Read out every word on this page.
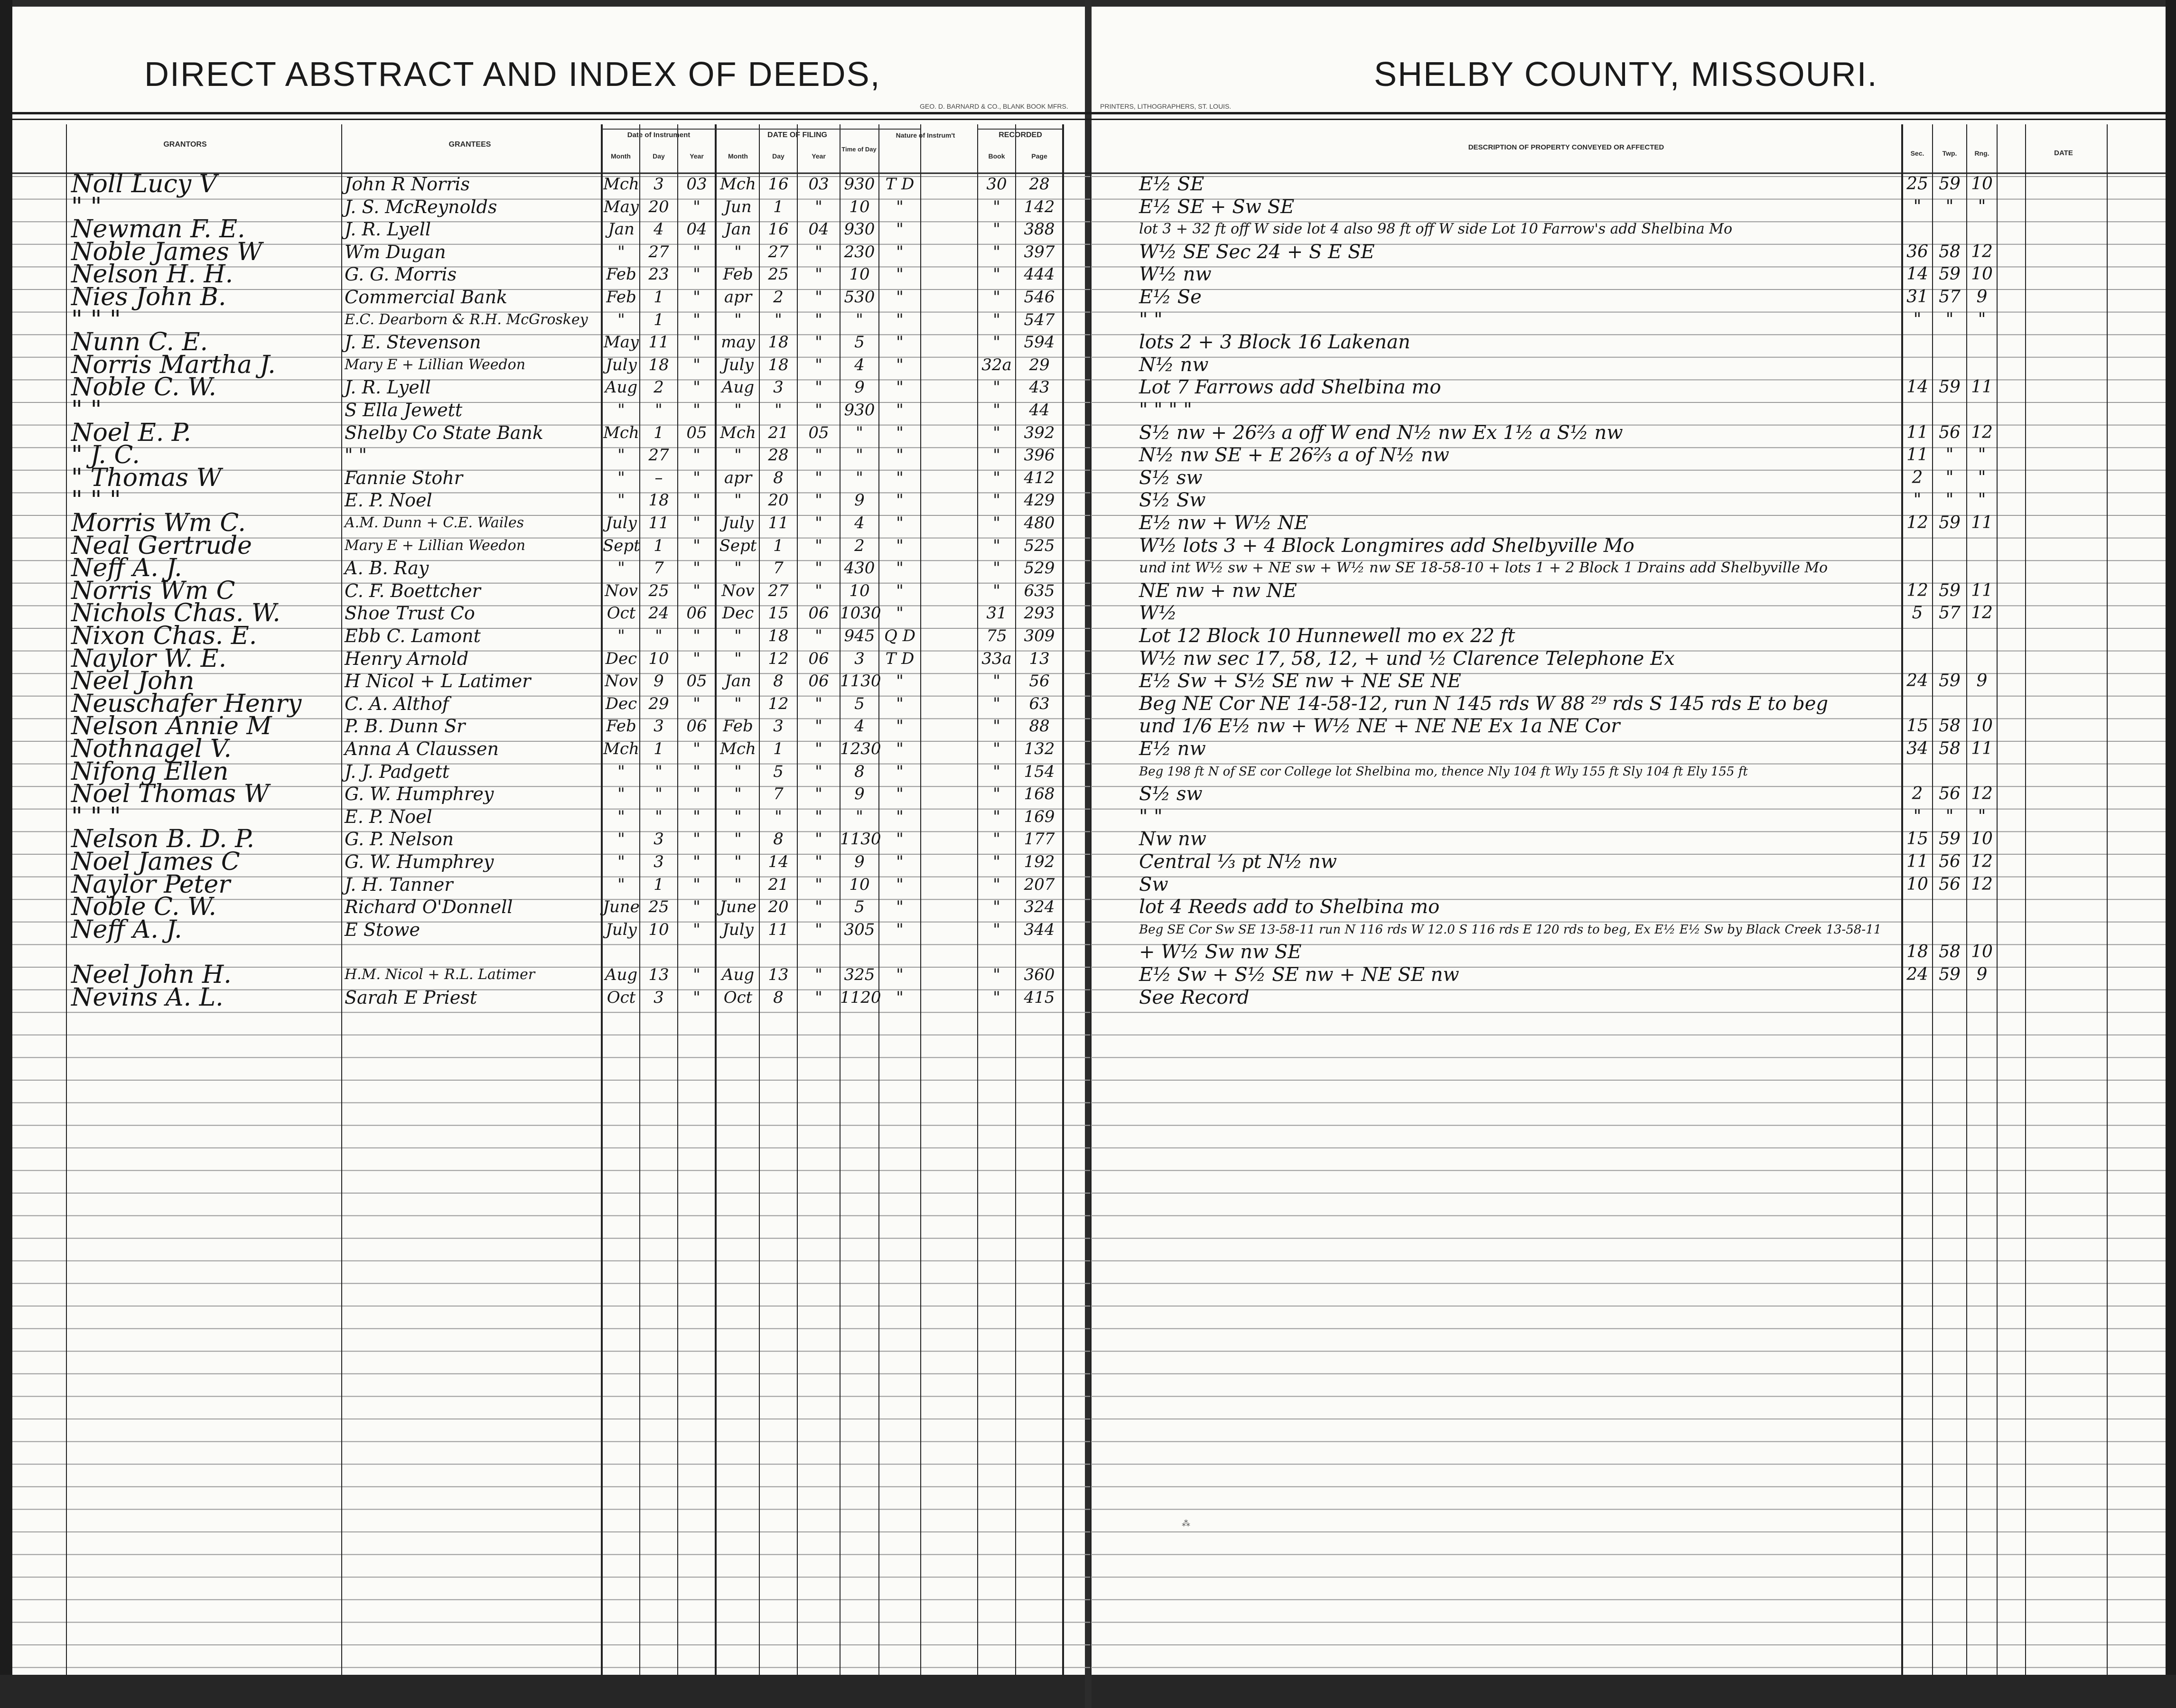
DIRECT ABSTRACT AND INDEX OF DEEDS,	SHELBY COUNTY, MISSOURI.
GEO. D. BARNARD & CO., BLANK BOOK MFRS.	PRINTERS, LITHOGRAPHERS, ST. LOUIS.
GRANTORS	GRANTEES
Date of Instrument	DATE OF FILING	Nature of Instrum't	RECORDED
Month	Day	Year	Month	Day	Year
Time of Day
Book	Page
DESCRIPTION OF PROPERTY CONVEYED OR AFFECTED
Sec.	Twp.	Rng.	DATE
Noll Lucy V	John R Norris	Mch 3	03 Mch 16	03 930 T D	30	28	E½ SE	25 59 10
" "	J. S. McReynolds	May 20	"	Jun	1	"	10	"	"	142	E½ SE + Sw SE	"	"	"
Newman F. E.	J. R. Lyell	Jan	4	04	Jan	16	04 930	"	"	388	lot 3 + 32 ft off W side lot 4 also 98 ft off W side Lot 10 Farrow's add Shelbina Mo
Noble James W	Wm Dugan	"	27	"	"	27	"	230	"	"	397	W½ SE Sec 24 + S E SE	36 58 12
Nelson H. H.	G. G. Morris	Feb 23	"	Feb 25	"	10	"	"	444	W½ nw	14 59 10
Nies John B.	Commercial Bank	Feb	1	"	apr	2	"	530	"	"	546	E½ Se	31 57 9
" " "	E.C. Dearborn & R.H. McGroskey	"	1	"	"	"	"	"	"	"	547	" "	"	"	"
Nunn C. E.	J. E. Stevenson	May 11	"	may 18	"	5	"	"	594	lots 2 + 3 Block 16 Lakenan
Norris Martha J.	Mary E + Lillian Weedon	July 18	"	July 18	"	4	"	32a	29	N½ nw
Noble C. W.	J. R. Lyell	Aug	2	"	Aug	3	"	9	"	"	43	Lot 7 Farrows add Shelbina mo	14 59 11
" "	S Ella Jewett	"	"	"	"	"	"	930	"	"	44	" " " "
Noel E. P.	Shelby Co State Bank	Mch 1	05 Mch 21	05	"	"	"	392	S½ nw + 26⅔ a off W end N½ nw Ex 1½ a S½ nw	11 56 12
" J. C.	" "	"	27	"	"	28	"	"	"	"	396	N½ nw SE + E 26⅔ a of N½ nw	11	"	"
" Thomas W	Fannie Stohr	"	–	"	apr	8	"	"	"	"	412	S½ sw	2	"	"
" " "	E. P. Noel	"	18	"	"	20	"	9	"	"	429	S½ Sw	"	"	"
Morris Wm C.	A.M. Dunn + C.E. Wailes	July 11	"	July 11	"	4	"	"	480	E½ nw + W½ NE	12 59 11
Neal Gertrude	Mary E + Lillian Weedon	Sept 1	"	Sept	1	"	2	"	"	525	W½ lots 3 + 4 Block Longmires add Shelbyville Mo
Neff A. J.	A. B. Ray	"	7	"	"	7	"	430	"	"	529	und int W½ sw + NE sw + W½ nw SE 18-58-10 + lots 1 + 2 Block 1 Drains add Shelbyville Mo
Norris Wm C	C. F. Boettcher	Nov 25	"	Nov 27	"	10	"	"	635	NE nw + nw NE	12 59 11
Nichols Chas. W.	Shoe Trust Co	Oct 24	06 Dec 15	06 1030 "	31	293	W½	5 57 12
Nixon Chas. E.	Ebb C. Lamont	"	"	"	"	18	"	945 Q D	75	309	Lot 12 Block 10 Hunnewell mo ex 22 ft
Naylor W. E.	Henry Arnold	Dec 10	"	"	12	06	3	T D	33a	13	W½ nw sec 17, 58, 12, + und ½ Clarence Telephone Ex
Neel John	H Nicol + L Latimer	Nov 9	05	Jan	8	06 1130 "	"	56	E½ Sw + S½ SE nw + NE SE NE	24 59 9
Neuschafer Henry	C. A. Althof	Dec 29	"	"	12	"	5	"	"	63	Beg NE Cor NE 14-58-12, run N 145 rds W 88 ²⁹ rds S 145 rds E to beg
Nelson Annie M	P. B. Dunn Sr	Feb	3	06 Feb	3	"	4	"	"	88	und 1/6 E½ nw + W½ NE + NE NE Ex 1a NE Cor	15 58 10
Nothnagel V.	Anna A Claussen	Mch 1	"	Mch	1	"	1230 "	"	132	E½ nw	34 58 11
Nifong Ellen	J. J. Padgett	"	"	"	"	5	"	8	"	"	154	Beg 198 ft N of SE cor College lot Shelbina mo, thence Nly 104 ft Wly 155 ft Sly 104 ft Ely 155 ft
Noel Thomas W	G. W. Humphrey	"	"	"	"	7	"	9	"	"	168	S½ sw	2 56 12
" " "	E. P. Noel	"	"	"	"	"	"	"	"	"	169	" "	"	"	"
Nelson B. D. P.	G. P. Nelson	"	3	"	"	8	"	1130 "	"	177	Nw nw	15 59 10
Noel James C	G. W. Humphrey	"	3	"	"	14	"	9	"	"	192	Central ⅓ pt N½ nw	11 56 12
Naylor Peter	J. H. Tanner	"	1	"	"	21	"	10	"	"	207	Sw	10 56 12
Noble C. W.	Richard O'Donnell	June 25	"	June 20	"	5	"	"	324	lot 4 Reeds add to Shelbina mo
Neff A. J.	E Stowe	July 10	"	July 11	"	305	"	"	344	Beg SE Cor Sw SE 13-58-11 run N 116 rds W 12.0 S 116 rds E 120 rds to beg, Ex E½ E½ Sw by Black Creek 13-58-11
+ W½ Sw nw SE	18 58 10
Neel John H.	H.M. Nicol + R.L. Latimer	Aug 13	"	Aug 13	"	325	"	"	360	E½ Sw + S½ SE nw + NE SE nw	24 59 9
Nevins A. L.	Sarah E Priest	Oct	3	"	Oct	8	"	1120 "	"	415	See Record
⁂
